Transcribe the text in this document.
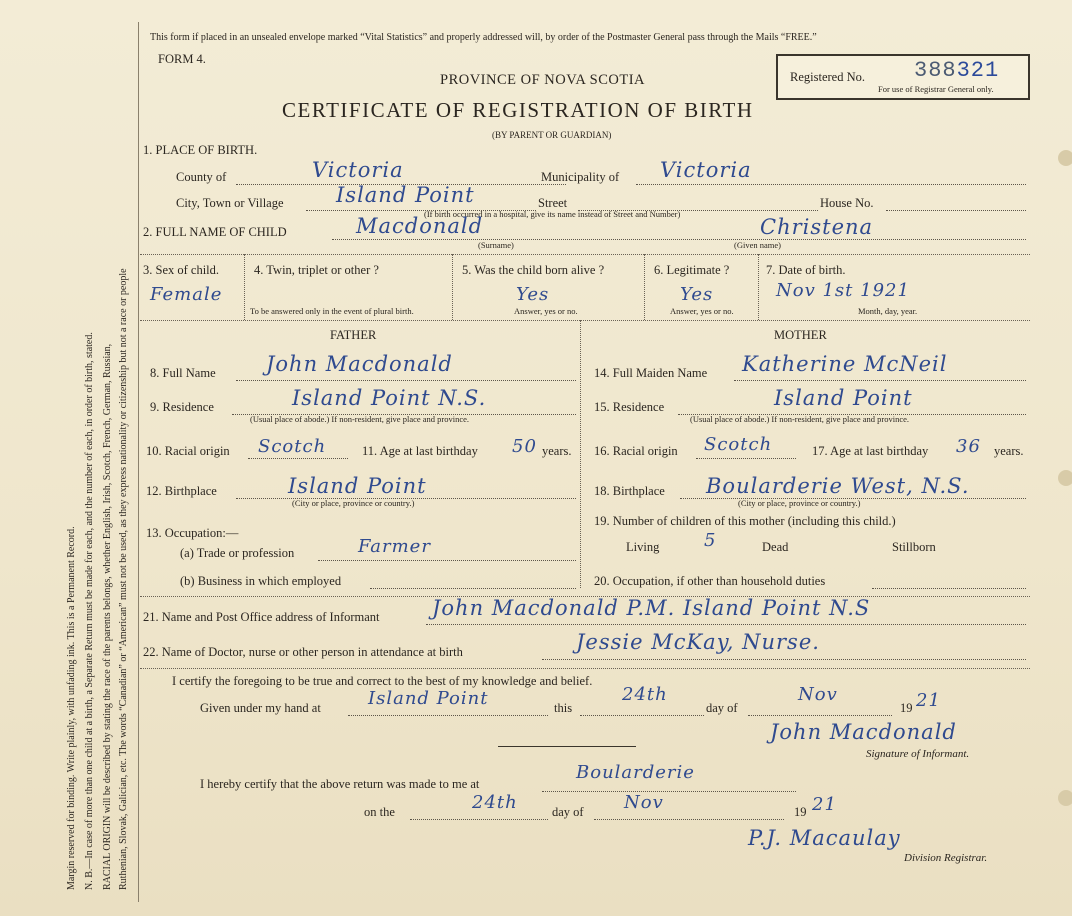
Margin reserved for binding. Write plainly, with unfading ink. This is a Permanent Record. N. B.—In case of more than one child at a birth, a Separate Return must be made for each, and the number of each, in order of birth, stated. RACIAL ORIGIN will be described by stating the race of the parents belongs, whether English, Irish, Scotch, French, German, Russian, Ruthenian, Slovak, Galician, etc. The words “Canadian” or “American” must not be used, as they express nationality or citizenship but not a race or people
This form if placed in an unsealed envelope marked “Vital Statistics” and properly addressed will, by order of the Postmaster General pass through the Mails “FREE.”
FORM 4.
PROVINCE OF NOVA SCOTIA
CERTIFICATE OF REGISTRATION OF BIRTH
(BY PARENT OR GUARDIAN)
Registered No. 388321
For use of Registrar General only.
1. PLACE OF BIRTH.
County of	Victoria	Municipality of Victoria
City, Town or Village Island Point	Street	House No.
(If birth occurred in a hospital, give its name instead of Street and Number)
2. FULL NAME OF CHILD	Macdonald
(Surname)
Christena
(Given name)
3. Sex of child.
Female
4. Twin, triplet or other ?
To be answered only in the event of plural birth.
5. Was the child born alive ?
Yes
Answer, yes or no.
6. Legitimate ?
Yes
Answer, yes or no.
7. Date of birth.
Nov 1st 1921
Month, day, year.
FATHER
8. Full Name John Macdonald
9. Residence	Island Point N.S.
(Usual place of abode.) If non-resident, give place and province.
10. Racial origin Scotch	11. Age at last birthday 50 years.
12. Birthplace	Island Point
(City or place, province or country.)
13. Occupation:—
(a) Trade or profession	Farmer
(b) Business in which employed
MOTHER
14. Full Maiden Name Katherine McNeil
15. Residence	Island Point
(Usual place of abode.) If non-resident, give place and province.
16. Racial origin Scotch	17. Age at last birthday 36 years.
18. Birthplace Boularderie West, N.S.
(City or place, province or country.)
19. Number of children of this mother (including this child.)
Living 5	Dead	Stillborn
20. Occupation, if other than household duties
21. Name and Post Office address of Informant John Macdonald P.M. Island Point N.S
22. Name of Doctor, nurse or other person in attendance at birth	Jessie McKay, Nurse.
I certify the foregoing to be true and correct to the best of my knowledge and belief.
Given under my hand at	Island Point	this
24th
day of
Nov
19 21
John Macdonald
Signature of Informant.
I hereby certify that the above return was made to me at
Boularderie
on the	24th	day of Nov	19 21
P.J. Macaulay
Division Registrar.
